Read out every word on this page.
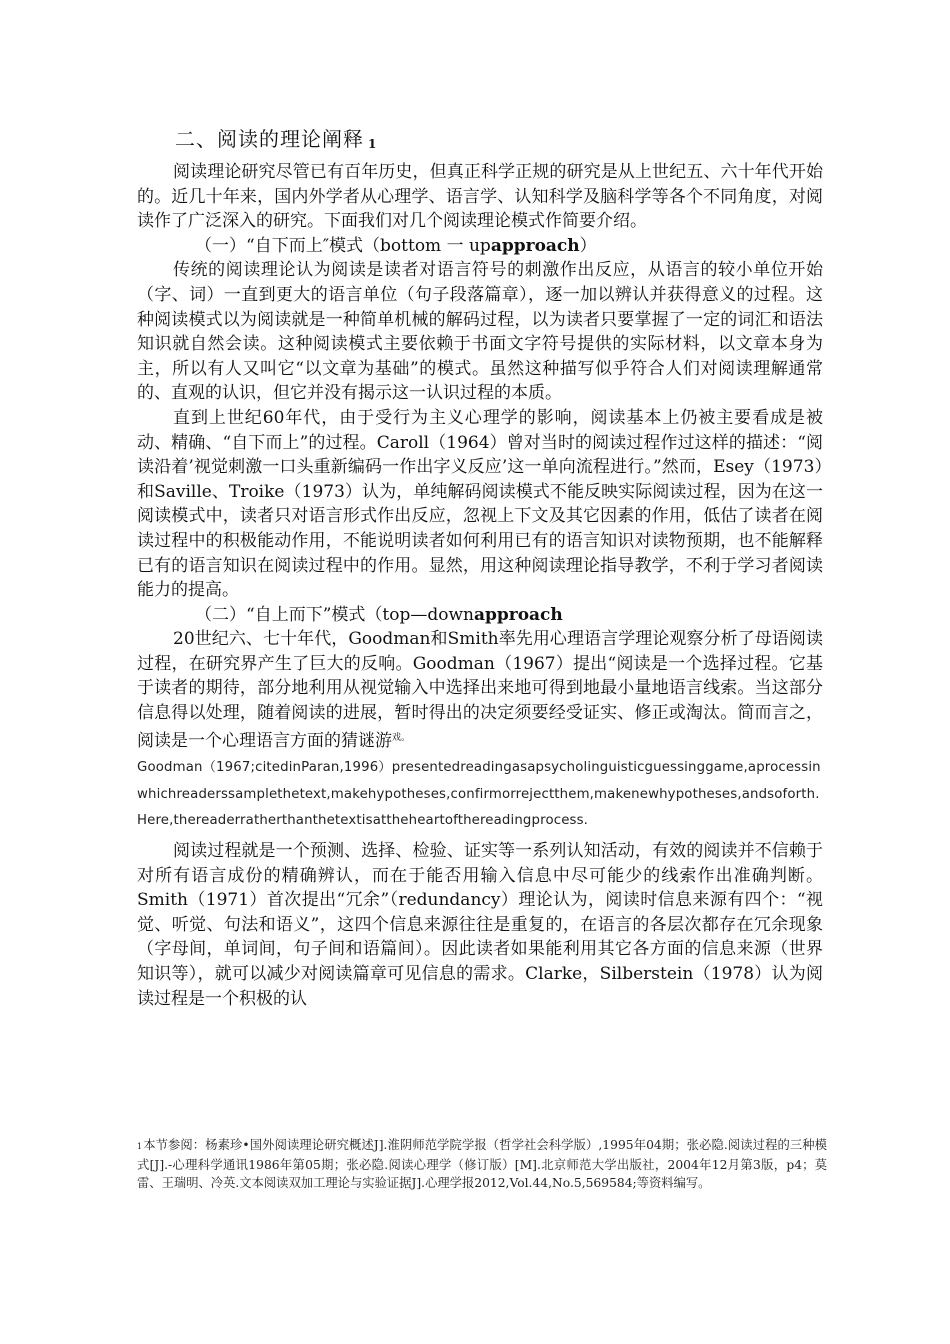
二、阅读的理论阐释 $^1$

阅读理论研究尽管已有百年历史，但真正科学正规的研究是从上世纪五、六十年代开始的。近几十年来，国内外学者从心理学、语言学、认知科学及脑科学等各个不同角度，对阅读作了广泛深入的研究。下面我们对几个阅读理论模式作简要介绍。

（一）“自下而上″模式（bottom 一 upapproach）

传统的阅读理论认为阅读是读者对语言符号的刺激作出反应，从语言的较小单位开始（字、词）一直到更大的语言单位（句子段落篇章），逐一加以辨认并获得意义的过程。这种阅读模式以为阅读就是一种简单机械的解码过程，以为读者只要掌握了一定的词汇和语法知识就自然会读。这种阅读模式主要依赖于书面文字符号提供的实际材料，以文章本身为主，所以有人又叫它“以文章为基础”的模式。虽然这种描写似乎符合人们对阅读理解通常的、直观的认识，但它并没有揭示这一认识过程的本质。

直到上世纪60年代，由于受行为主义心理学的影响，阅读基本上仍被主要看成是被动、精确、“自下而上”的过程。Caroll（1964）曾对当时的阅读过程作过这样的描述：“阅读沿着’视觉刺激一口头重新编码一作出字义反应’这一单向流程进行。”然而，Esey（1973）和Saville、Troike（1973）认为，单纯解码阅读模式不能反映实际阅读过程，因为在这一阅读模式中，读者只对语言形式作出反应，忽视上下文及其它因素的作用，低估了读者在阅读过程中的积极能动作用，不能说明读者如何利用已有的语言知识对读物预期，也不能解释已有的语言知识在阅读过程中的作用。显然，用这种阅读理论指导教学，不利于学习者阅读能力的提高。

（二）“自上而下”模式（top—downapproach

20世纪六、七十年代，Goodman和Smith率先用心理语言学理论观察分析了母语阅读过程，在研究界产生了巨大的反响。Goodman（1967）提出“阅读是一个选择过程。它基于读者的期待，部分地利用从视觉输入中选择出来地可得到地最小量地语言线索。当这部分信息得以处理，随着阅读的进展，暂时得出的决定须要经受证实、修正或淘汰。简而言之，阅读是一个心理语言方面的猜谜游$^{戏。}$

Goodman（1967;citedinParan,1996）presentedreadingasapsycholinguisticguessinggame,aprocessinwhichreaderssamplethetext,makehypotheses,confirmorrejectthem,makenewhypotheses,andsoforth.Here,thereaderratherthanthetextisattheheartofthereadingprocess.

阅读过程就是一个预测、选择、检验、证实等一系列认知活动，有效的阅读并不信赖于对所有语言成份的精确辨认，而在于能否用输入信息中尽可能少的线索作出准确判断。Smith（1971）首次提出“冗余”（redundancy）理论认为，阅读时信息来源有四个：“视觉、听觉、句法和语义”，这四个信息来源往往是重复的，在语言的各层次都存在冗余现象（字母间，单词间，句子间和语篇间）。因此读者如果能利用其它各方面的信息来源（世界知识等），就可以减少对阅读篇章可见信息的需求。Clarke，Silberstein（1978）认为阅读过程是一个积极的认

1本节参阅：杨素珍•国外阅读理论研究概述J].淮阴师范学院学报（哲学社会科学版）,1995年04期；张必隐.阅读过程的三种模式[J].-心理科学通讯1986年第05期；张必隐.阅读心理学（修订版）[M].北京师范大学出版社，2004年12月第3版，p4；莫雷、王瑞明、冷英.文本阅读双加工理论与实验证据J].心理学报2012,Vol.44,No.5,569584;等资料编写。
